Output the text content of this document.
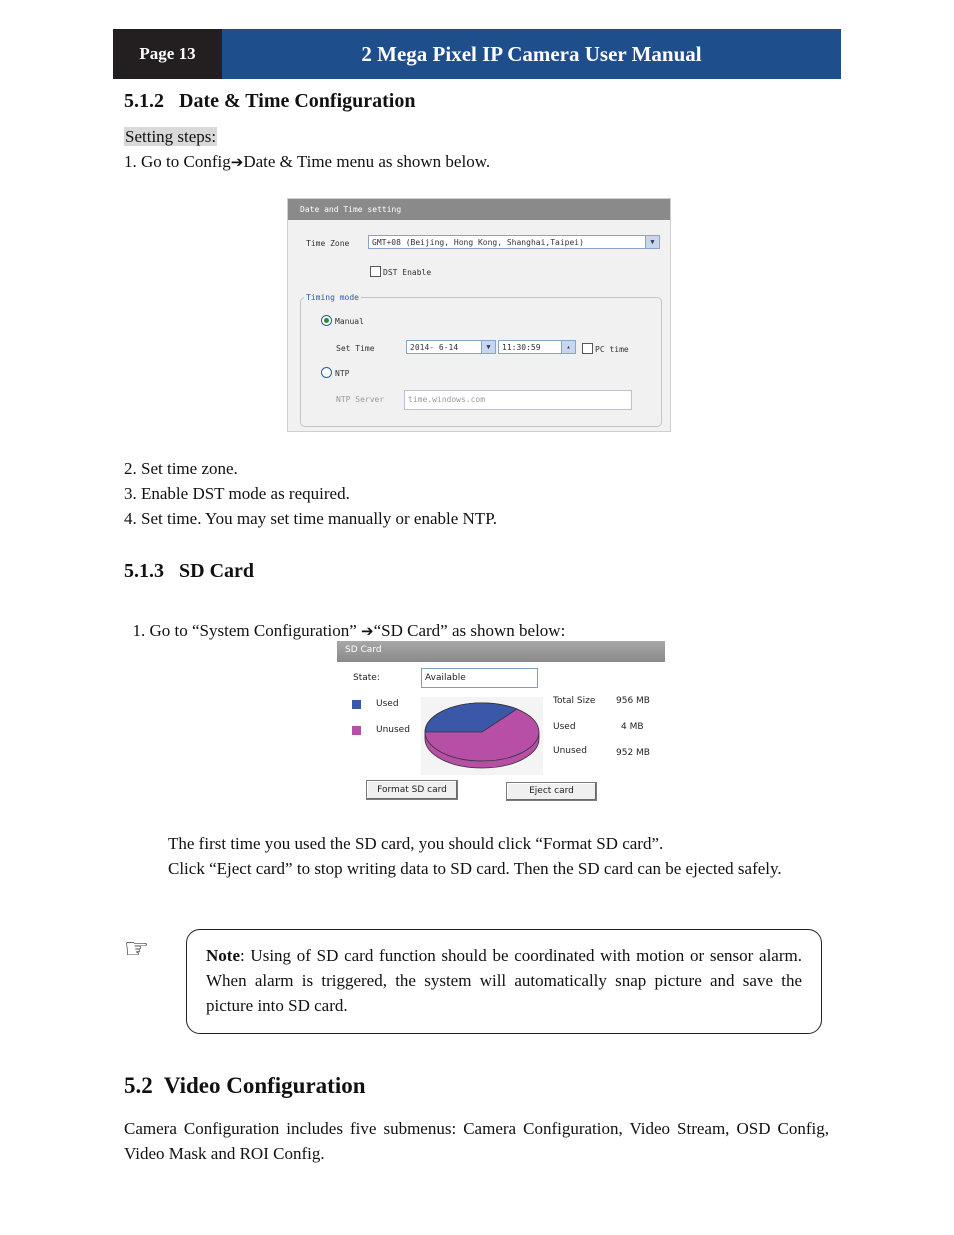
Page 13	2 Mega Pixel IP Camera User Manual
5.1.2   Date & Time Configuration
Setting steps:
1. Go to Config➔Date & Time menu as shown below.
Date and Time setting
Time Zone	GMT+08 (Beijing, Hong Kong, Shanghai,Taipei)	▼
DST Enable
Timing mode
Manual
Set Time	2014- 6-14	▼	11:30:59	▴	PC time
NTP
NTP Server	time.windows.com
2. Set time zone.
3. Enable DST mode as required.
4. Set time. You may set time manually or enable NTP.
5.1.3   SD Card

1. Go to “System Configuration” ➔“SD Card” as shown below:

SD Card
State:	Available
Used
Unused
Total Size 956 MB
Used	4 MB
Unused	952 MB
Format SD card	Eject card
The first time you used the SD card, you should click “Format SD card”.
Click “Eject card” to stop writing data to SD card. Then the SD card can be ejected safely.
☞	Note: Using of SD card function should be coordinated with motion or sensor alarm. When alarm is triggered, the system will automatically snap picture and save the picture into SD card.
5.2  Video Configuration
Camera Configuration includes five submenus: Camera Configuration, Video Stream, OSD Config, Video Mask and ROI Config.
